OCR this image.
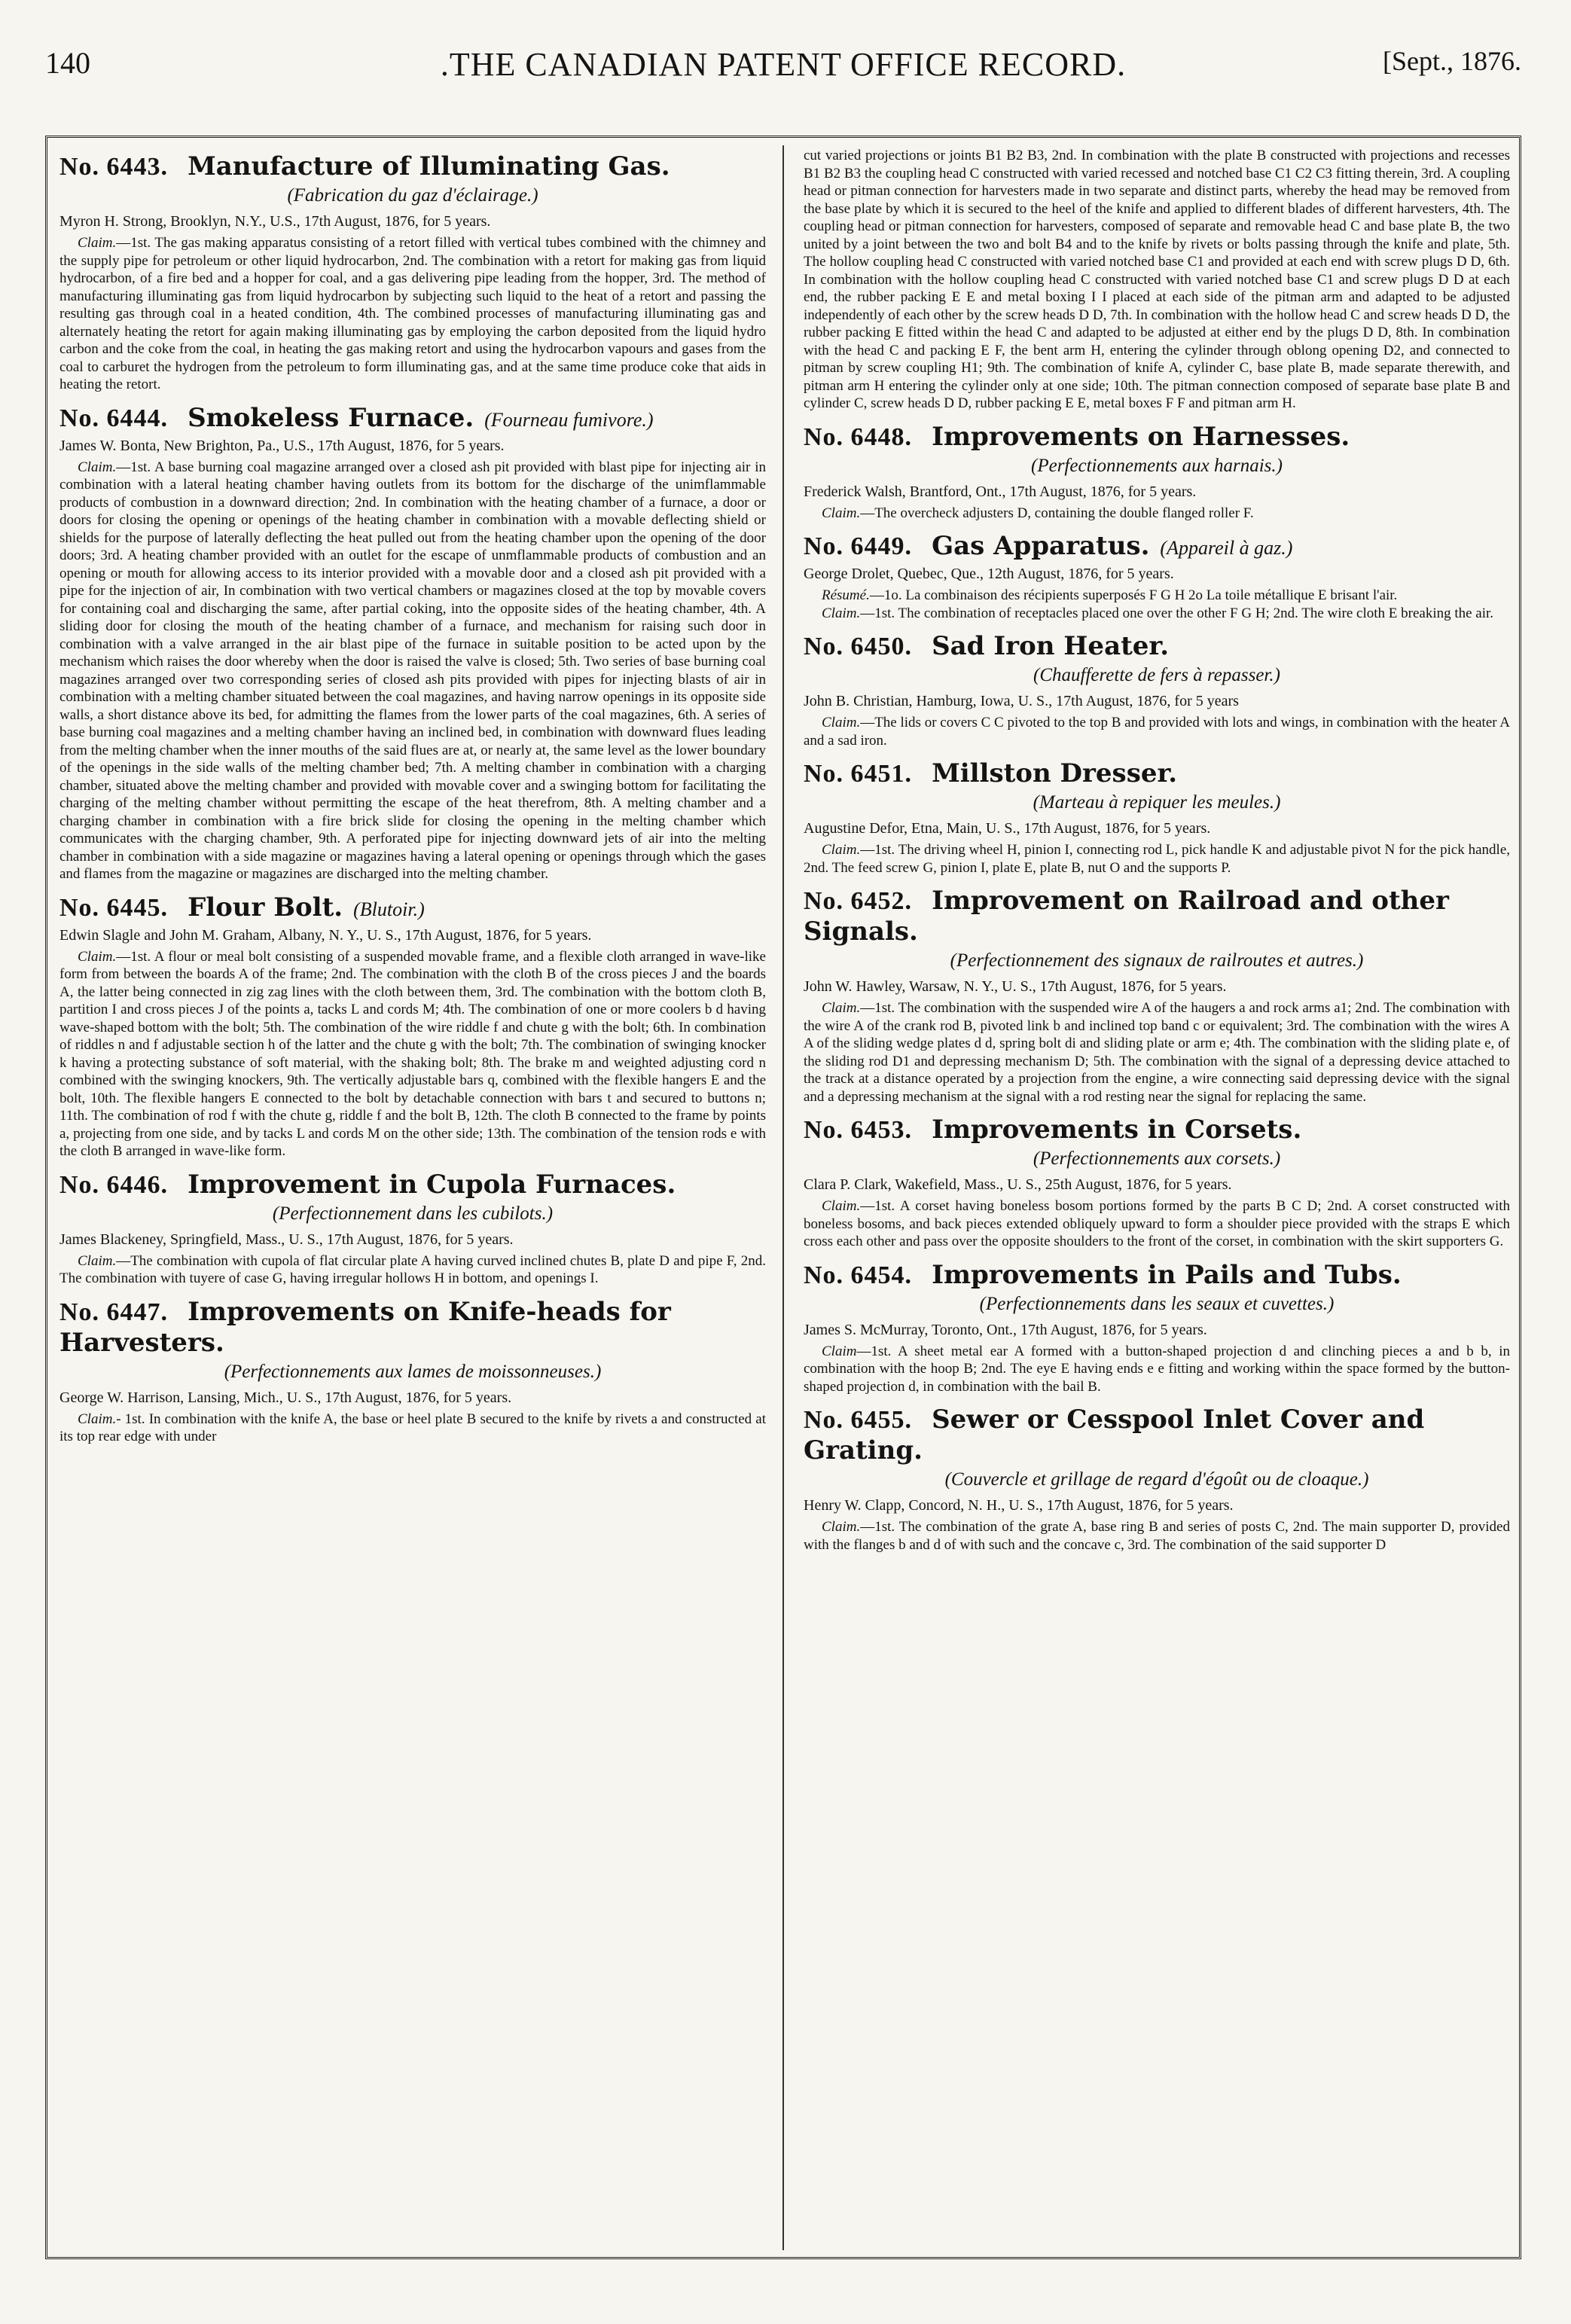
140	.THE CANADIAN PATENT OFFICE RECORD.	[Sept., 1876.
No. 6443. Manufacture of Illuminating Gas.
(Fabrication du gaz d'éclairage.)

Myron H. Strong, Brooklyn, N.Y., U.S., 17th August, 1876, for 5 years.

Claim.—1st. The gas making apparatus consisting of a retort filled with vertical tubes combined with the chimney and the supply pipe for petroleum or other liquid hydrocarbon, 2nd. The combination with a retort for making gas from liquid hydrocarbon, of a fire bed and a hopper for coal, and a gas delivering pipe leading from the hopper, 3rd. The method of manufacturing illuminating gas from liquid hydrocarbon by subjecting such liquid to the heat of a retort and passing the resulting gas through coal in a heated condition, 4th. The combined processes of manufacturing illuminating gas and alternately heating the retort for again making illuminating gas by employing the carbon deposited from the liquid hydro carbon and the coke from the coal, in heating the gas making retort and using the hydrocarbon vapours and gases from the coal to carburet the hydrogen from the petroleum to form illuminating gas, and at the same time produce coke that aids in heating the retort.

No. 6444. Smokeless Furnace. (Fourneau fumivore.)

James W. Bonta, New Brighton, Pa., U.S., 17th August, 1876, for 5 years.

Claim.—1st. A base burning coal magazine arranged over a closed ash pit provided with blast pipe for injecting air in combination with a lateral heating chamber having outlets from its bottom for the discharge of the unimflammable products of combustion in a downward direction; 2nd. In combination with the heating chamber of a furnace, a door or doors for closing the opening or openings of the heating chamber in combination with a movable deflecting shield or shields for the purpose of laterally deflecting the heat pulled out from the heating chamber upon the opening of the door doors; 3rd. A heating chamber provided with an outlet for the escape of unmflammable products of combustion and an opening or mouth for allowing access to its interior provided with a movable door and a closed ash pit provided with a pipe for the injection of air, In combination with two vertical chambers or magazines closed at the top by movable covers for containing coal and discharging the same, after partial coking, into the opposite sides of the heating chamber, 4th. A sliding door for closing the mouth of the heating chamber of a furnace, and mechanism for raising such door in combination with a valve arranged in the air blast pipe of the furnace in suitable position to be acted upon by the mechanism which raises the door whereby when the door is raised the valve is closed; 5th. Two series of base burning coal magazines arranged over two corresponding series of closed ash pits provided with pipes for injecting blasts of air in combination with a melting chamber situated between the coal magazines, and having narrow openings in its opposite side walls, a short distance above its bed, for admitting the flames from the lower parts of the coal magazines, 6th. A series of base burning coal magazines and a melting chamber having an inclined bed, in combination with downward flues leading from the melting chamber when the inner mouths of the said flues are at, or nearly at, the same level as the lower boundary of the openings in the side walls of the melting chamber bed; 7th. A melting chamber in combination with a charging chamber, situated above the melting chamber and provided with movable cover and a swinging bottom for facilitating the charging of the melting chamber without permitting the escape of the heat therefrom, 8th. A melting chamber and a charging chamber in combination with a fire brick slide for closing the opening in the melting chamber which communicates with the charging chamber, 9th. A perforated pipe for injecting downward jets of air into the melting chamber in combination with a side magazine or magazines having a lateral opening or openings through which the gases and flames from the magazine or magazines are discharged into the melting chamber.

No. 6445. Flour Bolt. (Blutoir.)

Edwin Slagle and John M. Graham, Albany, N. Y., U. S., 17th August, 1876, for 5 years.

Claim.—1st. A flour or meal bolt consisting of a suspended movable frame, and a flexible cloth arranged in wave-like form from between the boards A of the frame; 2nd. The combination with the cloth B of the cross pieces J and the boards A, the latter being connected in zig zag lines with the cloth between them, 3rd. The combination with the bottom cloth B, partition I and cross pieces J of the points a, tacks L and cords M; 4th. The combination of one or more coolers b d having wave-shaped bottom with the bolt; 5th. The combination of the wire riddle f and chute g with the bolt; 6th. In combination of riddles n and f adjustable section h of the latter and the chute g with the bolt; 7th. The combination of swinging knocker k having a protecting substance of soft material, with the shaking bolt; 8th. The brake m and weighted adjusting cord n combined with the swinging knockers, 9th. The vertically adjustable bars q, combined with the flexible hangers E and the bolt, 10th. The flexible hangers E connected to the bolt by detachable connection with bars t and secured to buttons n; 11th. The combination of rod f with the chute g, riddle f and the bolt B, 12th. The cloth B connected to the frame by points a, projecting from one side, and by tacks L and cords M on the other side; 13th. The combination of the tension rods e with the cloth B arranged in wave-like form.

No. 6446. Improvement in Cupola Furnaces.
(Perfectionnement dans les cubilots.)

James Blackeney, Springfield, Mass., U. S., 17th August, 1876, for 5 years.

Claim.—The combination with cupola of flat circular plate A having curved inclined chutes B, plate D and pipe F, 2nd. The combination with tuyere of case G, having irregular hollows H in bottom, and openings I.

No. 6447. Improvements on Knife-heads for Harvesters.
(Perfectionnements aux lames de moissonneuses.)

George W. Harrison, Lansing, Mich., U. S., 17th August, 1876, for 5 years.

Claim.- 1st. In combination with the knife A, the base or heel plate B secured to the knife by rivets a and constructed at its top rear edge with under

cut varied projections or joints B1 B2 B3, 2nd. In combination with the plate B constructed with projections and recesses B1 B2 B3 the coupling head C constructed with varied recessed and notched base C1 C2 C3 fitting therein, 3rd. A coupling head or pitman connection for harvesters made in two separate and distinct parts, whereby the head may be removed from the base plate by which it is secured to the heel of the knife and applied to different blades of different harvesters, 4th. The coupling head or pitman connection for harvesters, composed of separate and removable head C and base plate B, the two united by a joint between the two and bolt B4 and to the knife by rivets or bolts passing through the knife and plate, 5th. The hollow coupling head C constructed with varied notched base C1 and provided at each end with screw plugs D D, 6th. In combination with the hollow coupling head C constructed with varied notched base C1 and screw plugs D D at each end, the rubber packing E E and metal boxing I I placed at each side of the pitman arm and adapted to be adjusted independently of each other by the screw heads D D, 7th. In combination with the hollow head C and screw heads D D, the rubber packing E fitted within the head C and adapted to be adjusted at either end by the plugs D D, 8th. In combination with the head C and packing E F, the bent arm H, entering the cylinder through oblong opening D2, and connected to pitman by screw coupling H1; 9th. The combination of knife A, cylinder C, base plate B, made separate therewith, and pitman arm H entering the cylinder only at one side; 10th. The pitman connection composed of separate base plate B and cylinder C, screw heads D D, rubber packing E E, metal boxes F F and pitman arm H.

No. 6448. Improvements on Harnesses.
(Perfectionnements aux harnais.)

Frederick Walsh, Brantford, Ont., 17th August, 1876, for 5 years.

Claim.—The overcheck adjusters D, containing the double flanged roller F.

No. 6449. Gas Apparatus. (Appareil à gaz.)

George Drolet, Quebec, Que., 12th August, 1876, for 5 years.

Résumé.—1o. La combinaison des récipients superposés F G H 2o La toile métallique E brisant l'air.

Claim.—1st. The combination of receptacles placed one over the other F G H; 2nd. The wire cloth E breaking the air.

No. 6450. Sad Iron Heater.
(Chaufferette de fers à repasser.)

John B. Christian, Hamburg, Iowa, U. S., 17th August, 1876, for 5 years

Claim.—The lids or covers C C pivoted to the top B and provided with lots and wings, in combination with the heater A and a sad iron.

No. 6451. Millston Dresser.
(Marteau à repiquer les meules.)

Augustine Defor, Etna, Main, U. S., 17th August, 1876, for 5 years.

Claim.—1st. The driving wheel H, pinion I, connecting rod L, pick handle K and adjustable pivot N for the pick handle, 2nd. The feed screw G, pinion I, plate E, plate B, nut O and the supports P.

No. 6452. Improvement on Railroad and other Signals.
(Perfectionnement des signaux de railroutes et autres.)

John W. Hawley, Warsaw, N. Y., U. S., 17th August, 1876, for 5 years.

Claim.—1st. The combination with the suspended wire A of the haugers a and rock arms a1; 2nd. The combination with the wire A of the crank rod B, pivoted link b and inclined top band c or equivalent; 3rd. The combination with the wires A A of the sliding wedge plates d d, spring bolt di and sliding plate or arm e; 4th. The combination with the sliding plate e, of the sliding rod D1 and depressing mechanism D; 5th. The combination with the signal of a depressing device attached to the track at a distance operated by a projection from the engine, a wire connecting said depressing device with the signal and a depressing mechanism at the signal with a rod resting near the signal for replacing the same.

No. 6453. Improvements in Corsets.
(Perfectionnements aux corsets.)

Clara P. Clark, Wakefield, Mass., U. S., 25th August, 1876, for 5 years.

Claim.—1st. A corset having boneless bosom portions formed by the parts B C D; 2nd. A corset constructed with boneless bosoms, and back pieces extended obliquely upward to form a shoulder piece provided with the straps E which cross each other and pass over the opposite shoulders to the front of the corset, in combination with the skirt supporters G.

No. 6454. Improvements in Pails and Tubs.
(Perfectionnements dans les seaux et cuvettes.)

James S. McMurray, Toronto, Ont., 17th August, 1876, for 5 years.

Claim—1st. A sheet metal ear A formed with a button-shaped projection d and clinching pieces a and b b, in combination with the hoop B; 2nd. The eye E having ends e e fitting and working within the space formed by the button-shaped projection d, in combination with the bail B.

No. 6455. Sewer or Cesspool Inlet Cover and Grating.
(Couvercle et grillage de regard d'égoût ou de cloaque.)

Henry W. Clapp, Concord, N. H., U. S., 17th August, 1876, for 5 years.

Claim.—1st. The combination of the grate A, base ring B and series of posts C, 2nd. The main supporter D, provided with the flanges b and d of with such and the concave c, 3rd. The combination of the said supporter D
